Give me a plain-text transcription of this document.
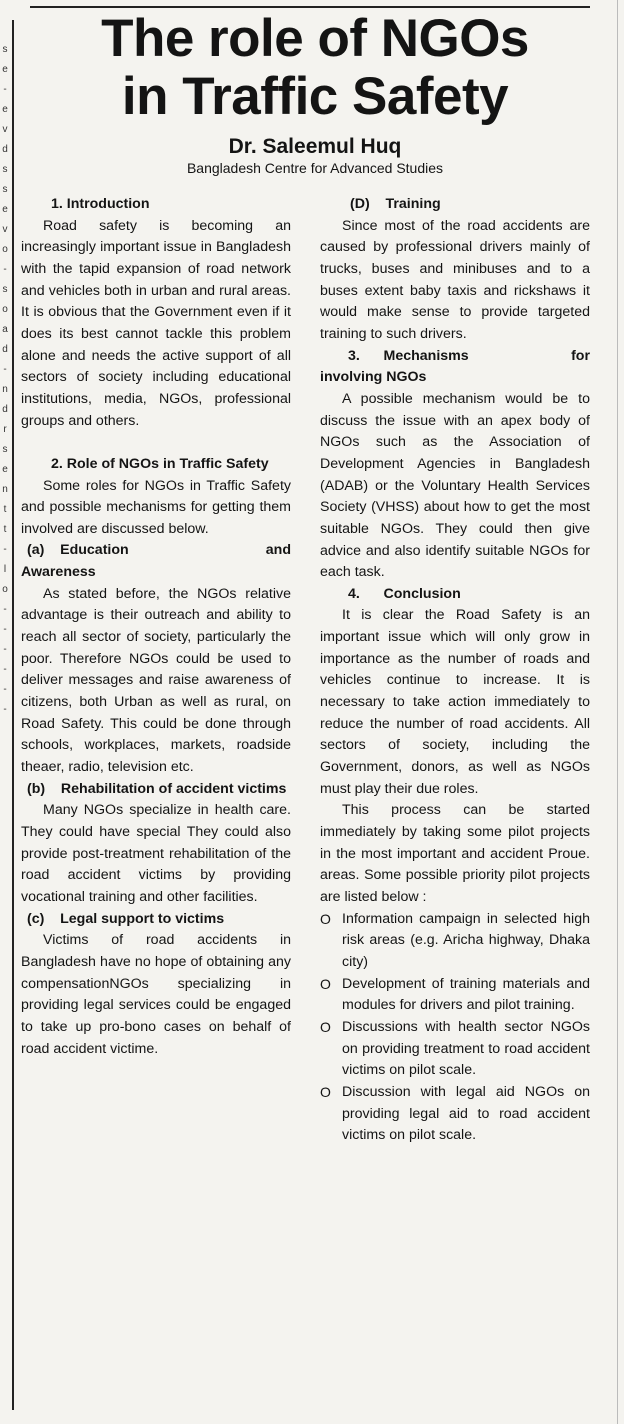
s
e
-
e
v
d
s
s
e
v
o
-
s
o
a
d
-
n
d
r
s
e
n
t
t
-
l
o
-
-
-
-
-
-
The role of NGOs
in Traffic Safety
Dr. Saleemul Huq
Bangladesh Centre for Advanced Studies
1. Introduction

Road safety is becoming an increasingly important issue in Bangladesh with the tapid expansion of road network and vehicles both in urban and rural areas. It is obvious that the Government even if it does its best cannot tackle this problem alone and needs the active support of all sectors of society including educational institutions, media, NGOs, professional groups and others.

2. Role of NGOs in Traffic Safety

Some roles for NGOs in Traffic Safety and possible mechanisms for getting them involved are discussed below.

(a) Education	and
Awareness

As stated before, the NGOs relative advantage is their outreach and ability to reach all sector of society, particularly the poor. Therefore NGOs could be used to deliver messages and raise awareness of citizens, both Urban as well as rural, on Road Safety. This could be done through schools, workplaces, markets, roadside theaer, radio, television etc.

(b)
Rehabilitation of accident victims

Many NGOs specialize in health care. They could have special They could also provide post-treatment rehabilitation of the road accident victims by providing vocational training and other facilities.

(c)
Legal support to victims

Victims of road accidents in Bangladesh have no hope of obtaining any compensationNGOs specializing in providing legal services could be engaged to take up pro-bono cases on behalf of road accident victime.

(D) Training

Since most of the road accidents are caused by professional drivers mainly of trucks, buses and minibuses and to a buses extent baby taxis and rickshaws it would make sense to provide targeted training to such drivers.

3. Mechanisms	for
involving NGOs

A possible mechanism would be to discuss the issue with an apex body of NGOs such as the Association of Development Agencies in Bangladesh (ADAB) or the Voluntary Health Services Society (VHSS) about how to get the most suitable NGOs. They could then give advice and also identify suitable NGOs for each task.

4.
Conclusion

It is clear the Road Safety is an important issue which will only grow in importance as the number of roads and vehicles continue to increase. It is necessary to take action immediately to reduce the number of road accidents. All sectors of society, including the Government, donors, as well as NGOs must play their due roles.

This process can be started immediately by taking some pilot projects in the most important and accident Proue. areas. Some possible priority pilot projects are listed below :

O Information campaign in selected high risk areas (e.g. Aricha highway, Dhaka city)
O Development of training materials and modules for drivers and pilot training.
O Discussions with health sector NGOs on providing treatment to road accident victims on pilot scale.
O Discussion with legal aid NGOs on providing legal aid to road accident victims on pilot scale.
